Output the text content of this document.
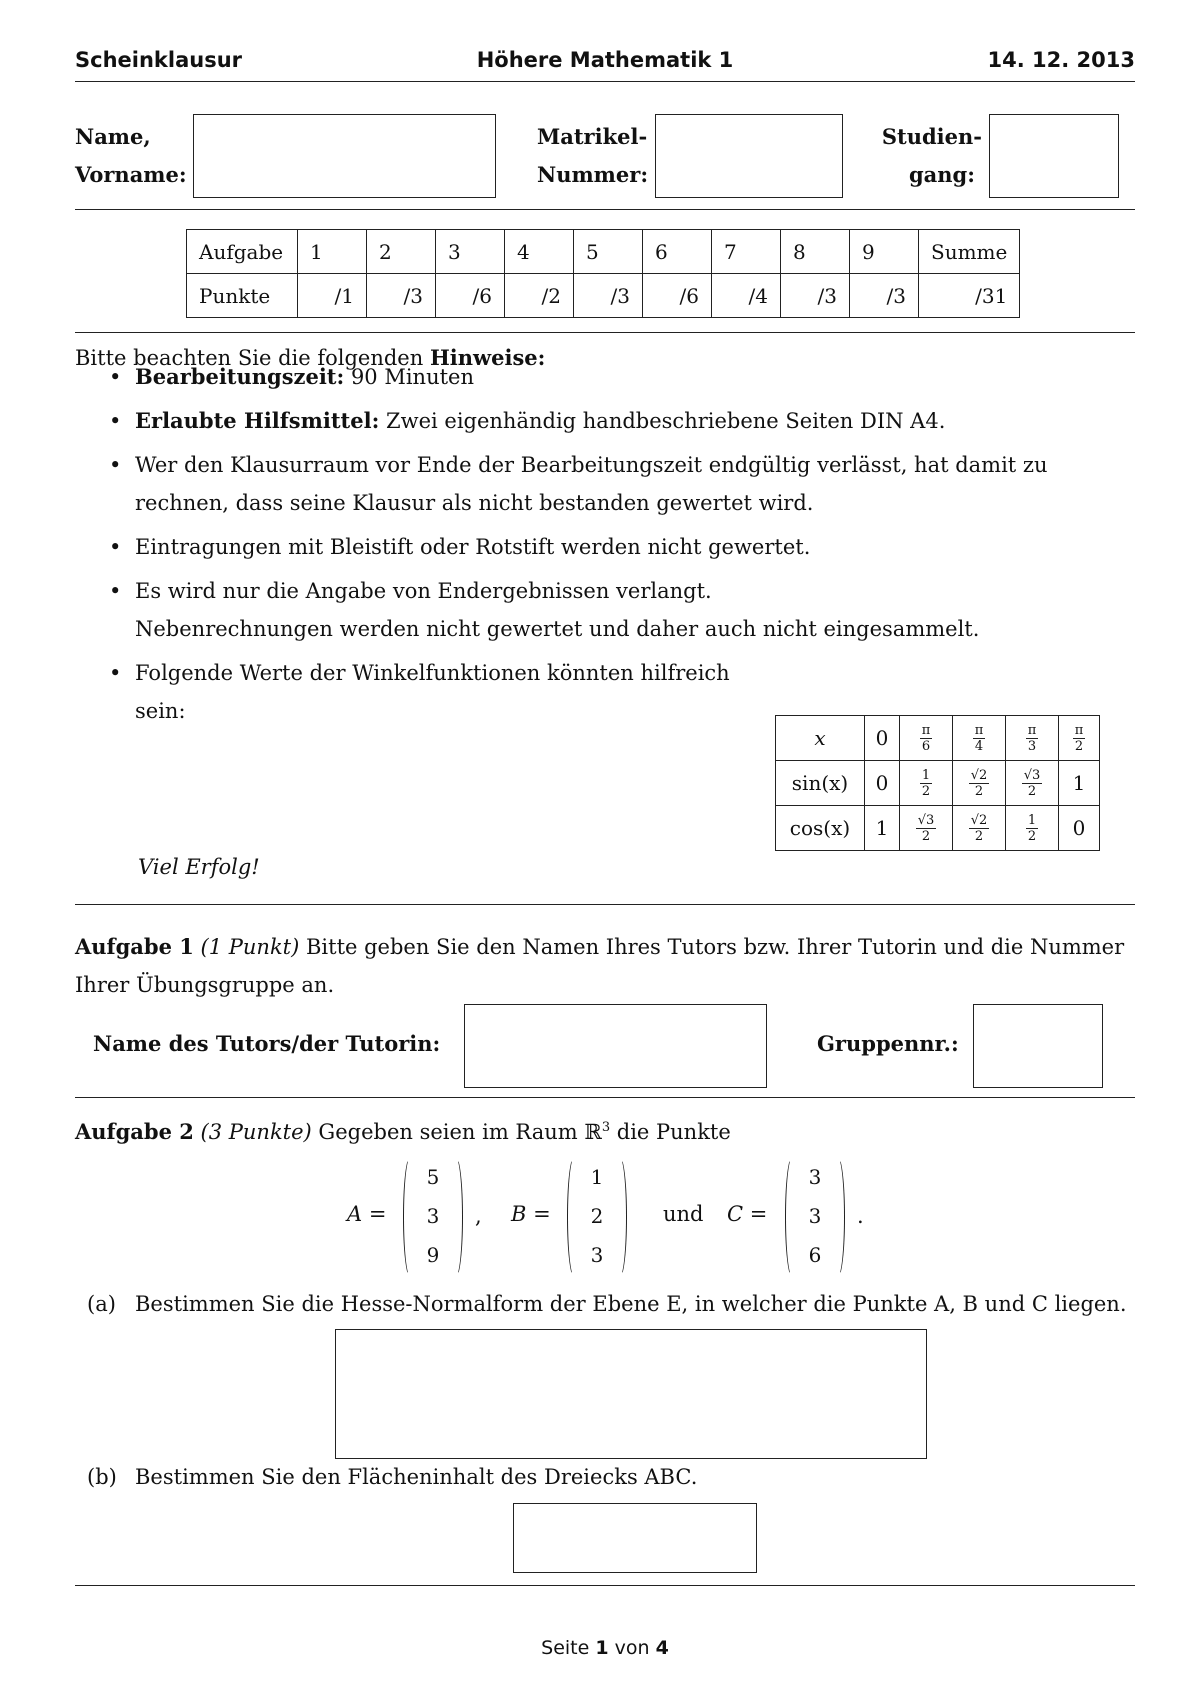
Scheinklausur	Höhere Mathematik 1	14. 12. 2013
Name,
Vorname:
Matrikel-
Nummer:
Studien-
gang:
Aufgabe	1	2	3	4	5	6	7	8	9	Summe
Punkte	/1	/3	/6	/2	/3	/6	/4	/3	/3	/31
Bitte beachten Sie die folgenden Hinweise:
• Bearbeitungszeit: 90 Minuten
• Erlaubte Hilfsmittel: Zwei eigenhändig handbeschriebene Seiten DIN A4.
• Wer den Klausurraum vor Ende der Bearbeitungszeit endgültig verlässt, hat damit zu rechnen, dass seine Klausur als nicht bestanden gewertet wird.
• Eintragungen mit Bleistift oder Rotstift werden nicht gewertet.
• Es wird nur die Angabe von Endergebnissen verlangt.
Nebenrechnungen werden nicht gewertet und daher auch nicht eingesammelt.
• Folgende Werte der Winkelfunktionen könnten hilfreich sein:
x	0	$\frac{\pi}{6}$	$\frac{\pi}{4}$	$\frac{\pi}{3}$	$\frac{\pi}{2}$

sin(x)	0	$\frac{1}{2}$	$\frac{√2}{2}$	$\frac{√3}{2}$	1
cos(x)	1	$\frac{√3}{2}$	$\frac{√2}{2}$	$\frac{1}{2}$	0
Viel Erfolg!
Aufgabe 1 (1 Punkt) Bitte geben Sie den Namen Ihres Tutors bzw. Ihrer Tutorin und die Nummer Ihrer Übungsgruppe an.
Name des Tutors/der Tutorin:	Gruppennr.:
Aufgabe 2 (3 Punkte) Gegeben seien im Raum ℝ$^3$ die Punkte
A =
5
3
9
, B =
1
2
3
und C =
3
3
6
.
(a) Bestimmen Sie die Hesse-Normalform der Ebene E, in welcher die Punkte A, B und C liegen.
(b) Bestimmen Sie den Flächeninhalt des Dreiecks ABC.
Seite 1 von 4
